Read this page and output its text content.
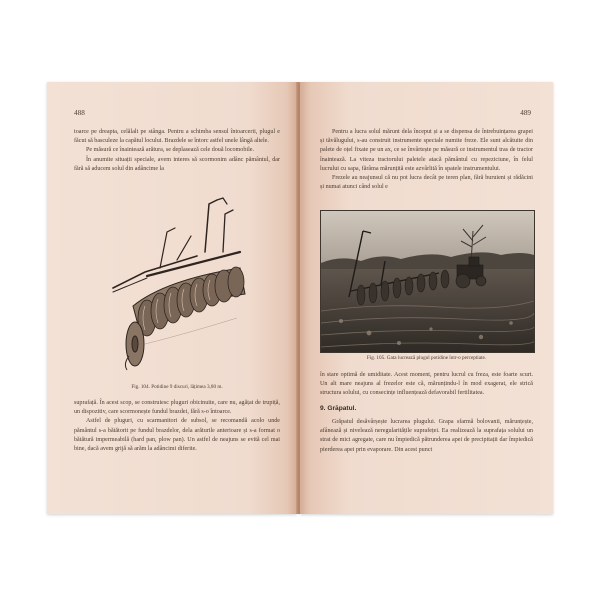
488

toarce pe dreapta, celălalt pe stânga. Pentru a schimba sensul întoarcerii, plugul e făcut să basculeze la capătul locului. Brazdele se întorc astfel unele lângă altele.

Pe măsură ce înaintează arătura, se deplasează cele două locomobile.

În anumite situații speciale, avem interes să scormonim adânc pământul, dar fără să aducem solul din adâncime la

Fig. 104. Potidine 9 discuri, lățimea 3,80 m.

suprafață. În acest scop, se construiesc pluguri obicinuite, care nu, agățat de trupiță, un dispozitiv, care scormonește fundul brazdei, fără s-o întoarce.

Astfel de pluguri, cu scarmanitori de subsol, se recomandă acolo unde pământul s-a bătătorit pe fundul brazdelor, dela arăturile anterioare și s-a format o bătătură impermeabilă (hard pan, plow pan). Un astfel de neajuns se evită cel mai bine, dacă avem grijă să arăm la adâncimi diferite.

489

Pentru a lucra solul mărunt dela început și a se dispensa de întrebuințarea grapei și tăvălugului, s-au construit instrumente speciale numite freze. Ele sunt alcătuite din palete de oțel fixate pe un ax, ce se învârtește pe măsură ce instrumentul tras de tractor înaintează. La viteza tractorului paletele atacă pământul cu repeziciune, în felul lucrului cu sapa, fărâma mărunțită este azvârlită în spatele instrumentului.

Frezele au neajunsul că nu pot lucra decât pe teren plan, fără buruieni și rădăcini și numai atunci când solul e

Fig. 105. Gata lucrează plugul potidine într-o perceptiate.

în stare optimă de umiditate. Acest moment, pentru lucrul cu freza, este foarte scurt. Un alt mare neajuns al frezelor este că, mărunțindu-l în mod exagerat, ele strică structura solului, cu consecințe influențează defavorabil fertilitatea.

9. Grăpatul.

Grăpatul desăvârșește lucrarea plugului. Grapa sfarmă bolovanii, mărunțește, afânează și nivelează neregularitățile suprafeței. Ea realizează la suprafața solului un strat de mici agregate, care nu împiedică pătrunderea apei de precipitații dar împiedică pierderea apei prin evaporare. Din acest punct
